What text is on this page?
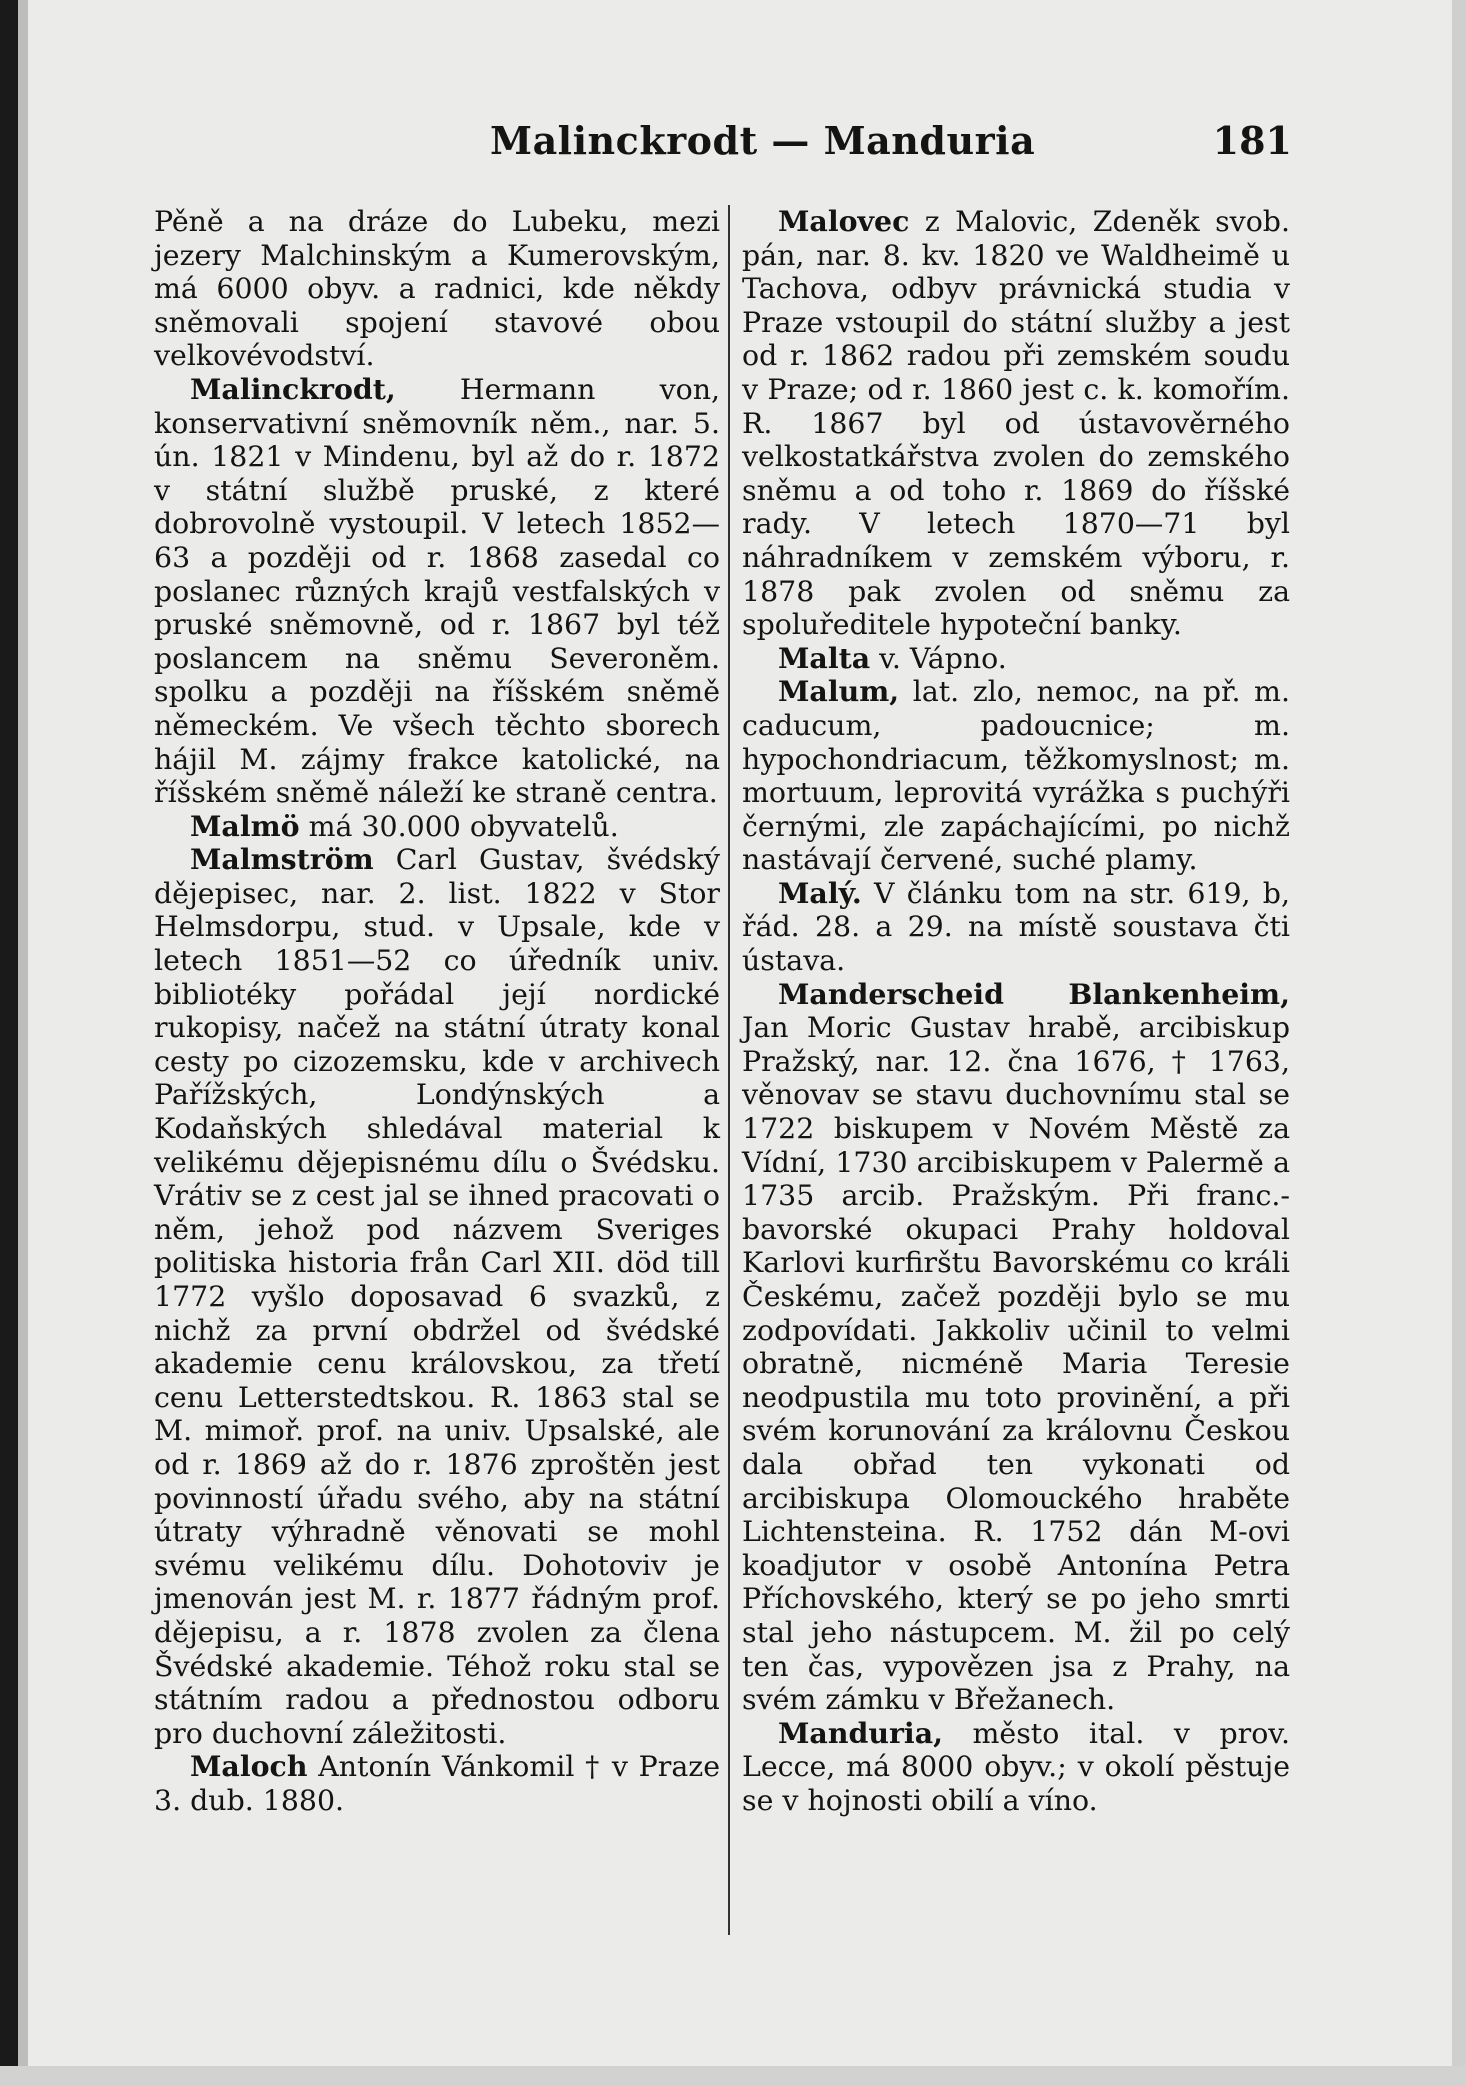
Malinckrodt — Manduria	181

Pěně a na dráze do Lubeku, mezi jezery Malchinským a Kumerovským, má 6000 obyv. a radnici, kde někdy sněmovali spojení stavové obou velkovévodství.

Malinckrodt, Hermann von, konservativní sněmovník něm., nar. 5. ún. 1821 v Mindenu, byl až do r. 1872 v státní službě pruské, z které dobrovolně vystoupil. V letech 1852—63 a později od r. 1868 zasedal co poslanec různých krajů vestfalských v pruské sněmovně, od r. 1867 byl též poslancem na sněmu Severoněm. spolku a později na říšském sněmě německém. Ve všech těchto sborech hájil M. zájmy frakce katolické, na říšském sněmě náleží ke straně centra.

Malmö má 30.000 obyvatelů.

Malmström Carl Gustav, švédský dějepisec, nar. 2. list. 1822 v Stor Helmsdorpu, stud. v Upsale, kde v letech 1851—52 co úředník univ. bibliotéky pořádal její nordické rukopisy, načež na státní útraty konal cesty po cizozemsku, kde v archivech Pařížských, Londýnských a Kodaňských shledával material k velikému dějepisnému dílu o Švédsku. Vrátiv se z cest jal se ihned pracovati o něm, jehož pod názvem Sveriges politiska historia från Carl XII. död till 1772 vyšlo doposavad 6 svazků, z nichž za první obdržel od švédské akademie cenu královskou, za třetí cenu Letterstedtskou. R. 1863 stal se M. mimoř. prof. na univ. Upsalské, ale od r. 1869 až do r. 1876 zproštěn jest povinností úřadu svého, aby na státní útraty výhradně věnovati se mohl svému velikému dílu. Dohotoviv je jmenován jest M. r. 1877 řádným prof. dějepisu, a r. 1878 zvolen za člena Švédské akademie. Téhož roku stal se státním radou a přednostou odboru pro duchovní záležitosti.

Maloch Antonín Vánkomil † v Praze 3. dub. 1880.

Malovec z Malovic, Zdeněk svob. pán, nar. 8. kv. 1820 ve Waldheimě u Tachova, odbyv právnická studia v Praze vstoupil do státní služby a jest od r. 1862 radou při zemském soudu v Praze; od r. 1860 jest c. k. komořím. R. 1867 byl od ústavověrného velkostatkářstva zvolen do zemského sněmu a od toho r. 1869 do říšské rady. V letech 1870—71 byl náhradníkem v zemském výboru, r. 1878 pak zvolen od sněmu za spoluředitele hypoteční banky.

Malta v. Vápno.

Malum, lat. zlo, nemoc, na př. m. caducum, padoucnice; m. hypochondriacum, těžkomyslnost; m. mortuum, leprovitá vyrážka s puchýři černými, zle zapáchajícími, po nichž nastávají červené, suché plamy.

Malý. V článku tom na str. 619, b, řád. 28. a 29. na místě soustava čti ústava.

Manderscheid Blankenheim, Jan Moric Gustav hrabě, arcibiskup Pražský, nar. 12. čna 1676, † 1763, věnovav se stavu duchovnímu stal se 1722 biskupem v Novém Městě za Vídní, 1730 arcibiskupem v Palermě a 1735 arcib. Pražským. Při franc.-bavorské okupaci Prahy holdoval Karlovi kurfirštu Bavorskému co králi Českému, začež později bylo se mu zodpovídati. Jakkoliv učinil to velmi obratně, nicméně Maria Teresie neodpustila mu toto provinění, a při svém korunování za královnu Českou dala obřad ten vykonati od arcibiskupa Olomouckého hraběte Lichtensteina. R. 1752 dán M-ovi koadjutor v osobě Antonína Petra Příchovského, který se po jeho smrti stal jeho nástupcem. M. žil po celý ten čas, vypovězen jsa z Prahy, na svém zámku v Břežanech.

Manduria, město ital. v prov. Lecce, má 8000 obyv.; v okolí pěstuje se v hojnosti obilí a víno.
